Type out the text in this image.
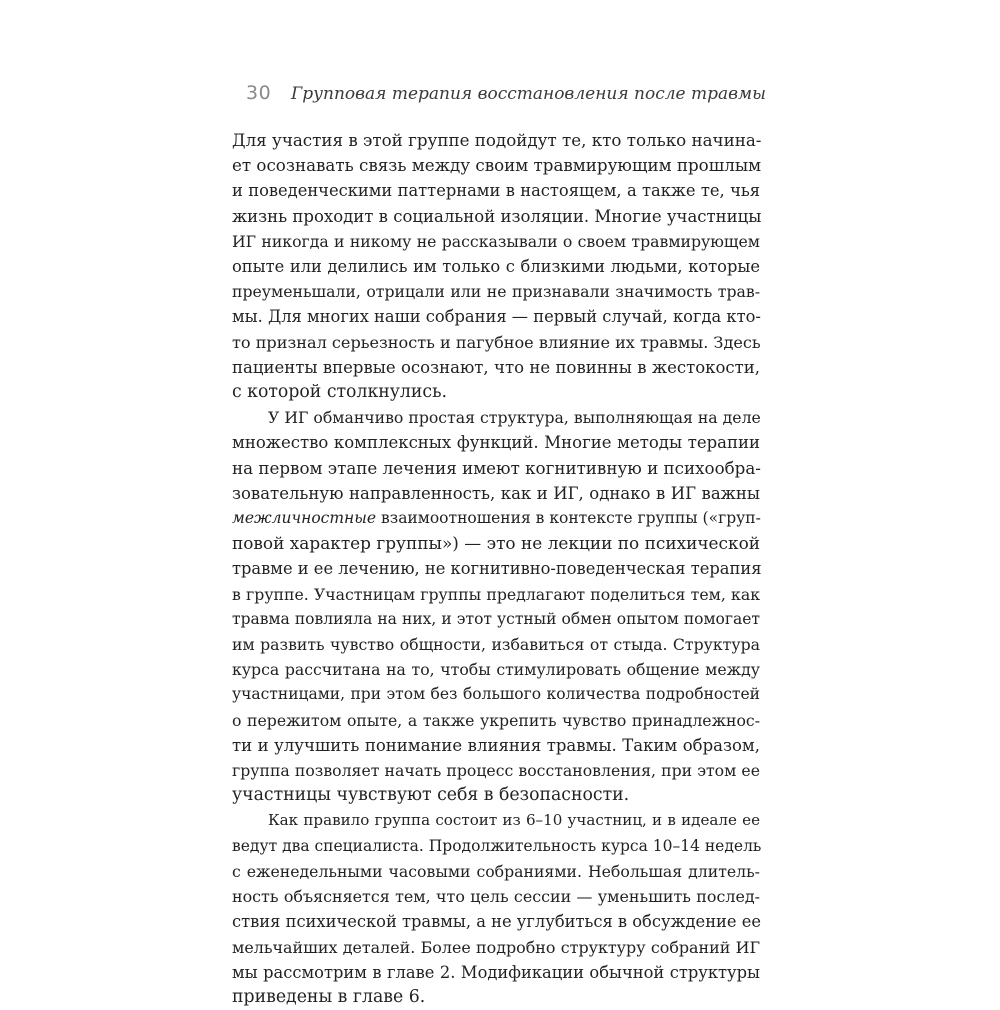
30	Групповая терапия восстановления после травмы
Для участия в этой группе подойдут те, кто только начина-
ет осознавать связь между своим травмирующим прошлым
и поведенческими паттернами в настоящем, а также те, чья
жизнь проходит в социальной изоляции. Многие участницы
ИГ никогда и никому не рассказывали о своем травмирующем
опыте или делились им только с близкими людьми, которые
преуменьшали, отрицали или не признавали значимость трав-
мы. Для многих наши собрания — первый случай, когда кто-
то признал серьезность и пагубное влияние их травмы. Здесь
пациенты впервые осознают, что не повинны в жестокости,
с которой столкнулись.
У ИГ обманчиво простая структура, выполняющая на деле
множество комплексных функций. Многие методы терапии
на первом этапе лечения имеют когнитивную и психообра-
зовательную направленность, как и ИГ, однако в ИГ важны
межличностные взаимоотношения в контексте группы («груп-
повой характер группы») — это не лекции по психической
травме и ее лечению, не когнитивно-поведенческая терапия
в группе. Участницам группы предлагают поделиться тем, как
травма повлияла на них, и этот устный обмен опытом помогает
им развить чувство общности, избавиться от стыда. Структура
курса рассчитана на то, чтобы стимулировать общение между
участницами, при этом без большого количества подробностей
о пережитом опыте, а также укрепить чувство принадлежнос-
ти и улучшить понимание влияния травмы. Таким образом,
группа позволяет начать процесс восстановления, при этом ее
участницы чувствуют себя в безопасности.
Как правило группа состоит из 6–10 участниц, и в идеале ее
ведут два специалиста. Продолжительность курса 10–14 недель
с еженедельными часовыми собраниями. Небольшая длитель-
ность объясняется тем, что цель сессии — уменьшить послед-
ствия психической травмы, а не углубиться в обсуждение ее
мельчайших деталей. Более подробно структуру собраний ИГ
мы рассмотрим в главе 2. Модификации обычной структуры
приведены в главе 6.
